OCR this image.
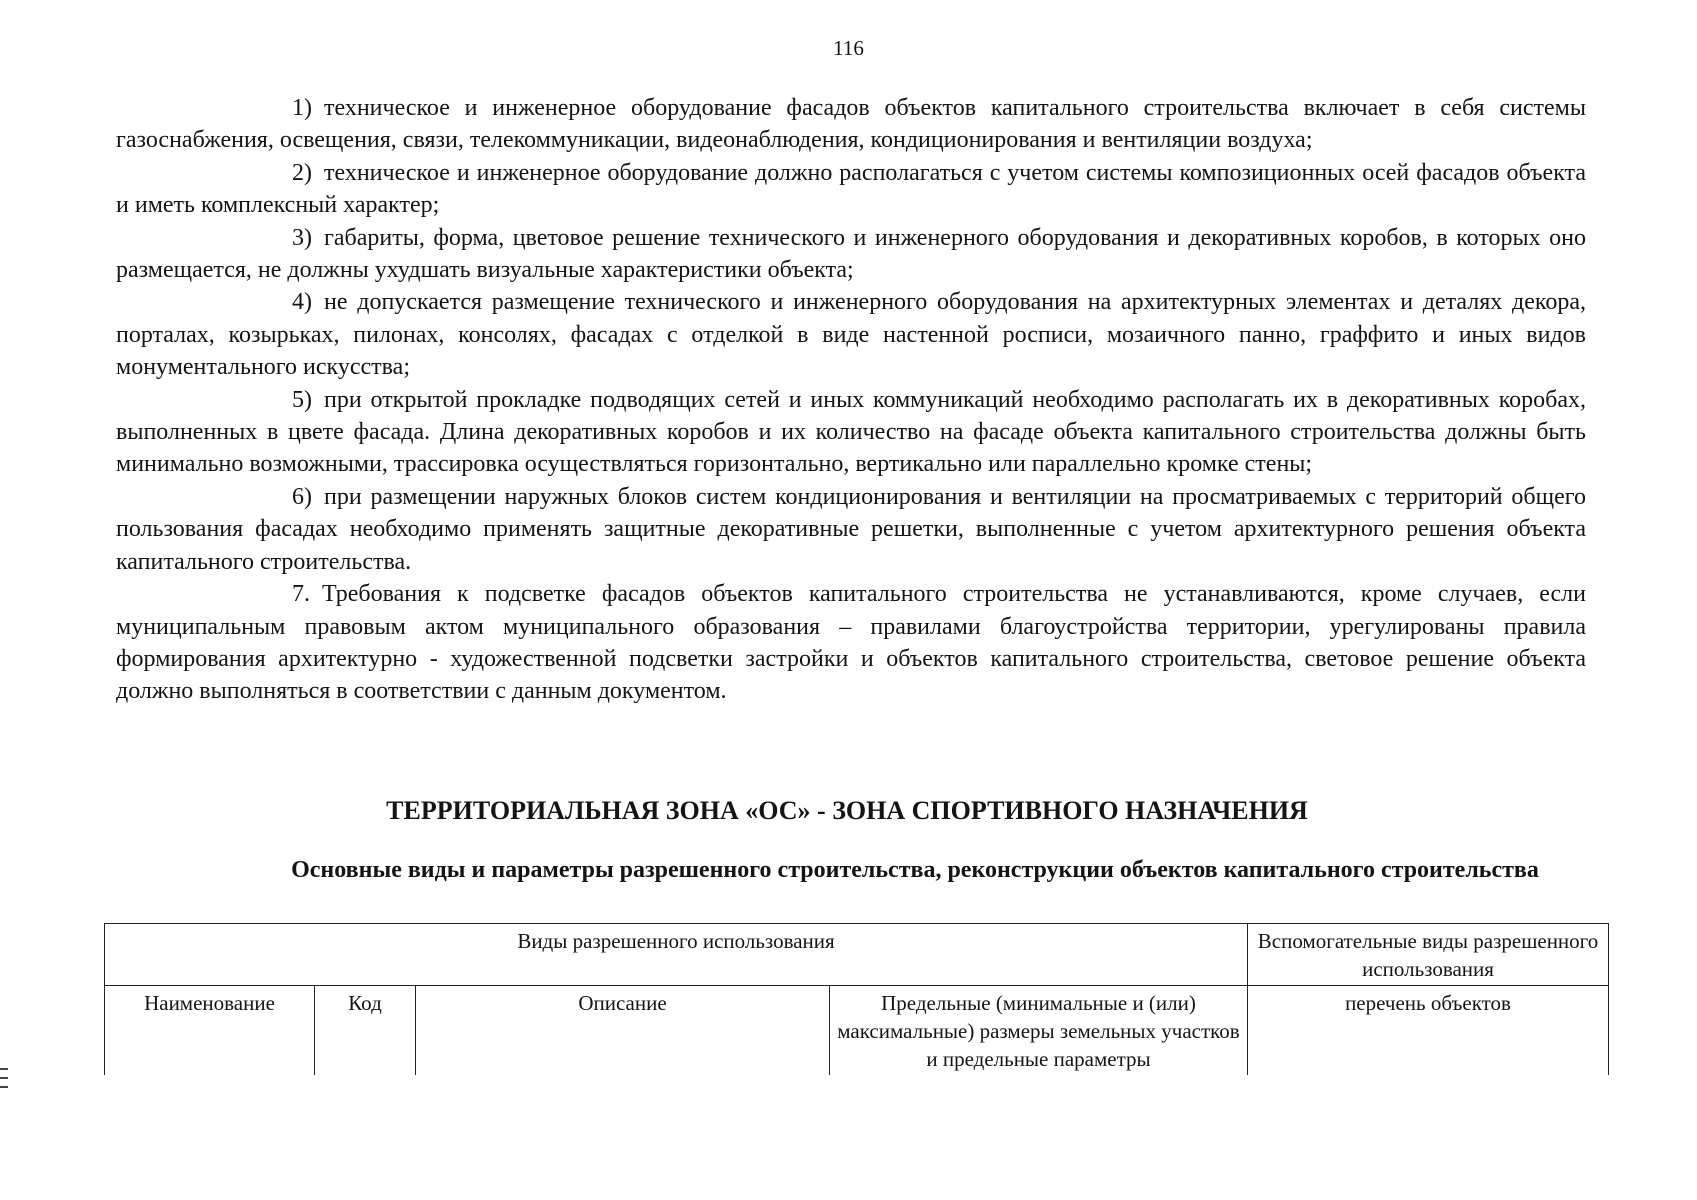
116

1) техническое и инженерное оборудование фасадов объектов капитального строительства включает в себя системы газоснабжения, освещения, связи, телекоммуникации, видеонаблюдения, кондиционирования и вентиляции воздуха;

2) техническое и инженерное оборудование должно располагаться с учетом системы композиционных осей фасадов объекта и иметь комплексный характер;

3) габариты, форма, цветовое решение технического и инженерного оборудования и декоративных коробов, в которых оно размещается, не должны ухудшать визуальные характеристики объекта;

4) не допускается размещение технического и инженерного оборудования на архитектурных элементах и деталях декора, порталах, козырьках, пилонах, консолях, фасадах с отделкой в виде настенной росписи, мозаичного панно, граффито и иных видов монументального искусства;

5) при открытой прокладке подводящих сетей и иных коммуникаций необходимо располагать их в декоративных коробах, выполненных в цвете фасада. Длина декоративных коробов и их количество на фасаде объекта капитального строительства должны быть минимально возможными, трассировка осуществляться горизонтально, вертикально или параллельно кромке стены;

6) при размещении наружных блоков систем кондиционирования и вентиляции на просматриваемых с территорий общего пользования фасадах необходимо применять защитные декоративные решетки, выполненные с учетом архитектурного решения объекта капитального строительства.

7. Требования к подсветке фасадов объектов капитального строительства не устанавливаются, кроме случаев, если муниципальным правовым актом муниципального образования – правилами благоустройства территории, урегулированы правила формирования архитектурно - художественной подсветки застройки и объектов капитального строительства, световое решение объекта должно выполняться в соответствии с данным документом.

ТЕРРИТОРИАЛЬНАЯ ЗОНА «ОС» - ЗОНА СПОРТИВНОГО НАЗНАЧЕНИЯ
Основные виды и параметры разрешенного строительства, реконструкции объектов капитального строительства
Виды разрешенного использования				Вспомогательные виды разрешенного использования
Наименование	Код	Описание	Предельные (минимальные и (или) максимальные) размеры земельных участков и предельные параметры	перечень объектов
